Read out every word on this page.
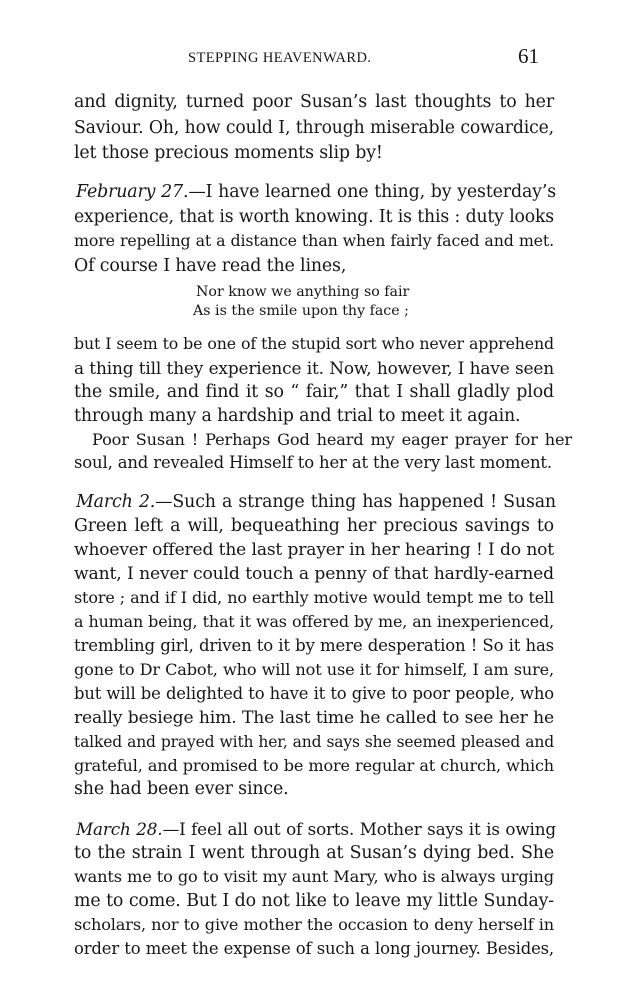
STEPPING HEAVENWARD.	61
and dignity, turned poor Susan’s last thoughts to her
Saviour. Oh, how could I, through miserable cowardice,
let those precious moments slip by!
February 27.—I have learned one thing, by yesterday’s
experience, that is worth knowing. It is this : duty looks
more repelling at a distance than when fairly faced and met.
Of course I have read the lines,
Nor know we anything so fair
As is the smile upon thy face ;
but I seem to be one of the stupid sort who never apprehend
a thing till they experience it. Now, however, I have seen
the smile, and find it so “ fair,” that I shall gladly plod
through many a hardship and trial to meet it again.
Poor Susan ! Perhaps God heard my eager prayer for her
soul, and revealed Himself to her at the very last moment.
March 2.—Such a strange thing has happened ! Susan
Green left a will, bequeathing her precious savings to
whoever offered the last prayer in her hearing ! I do not
want, I never could touch a penny of that hardly-earned
store ; and if I did, no earthly motive would tempt me to tell
a human being, that it was offered by me, an inexperienced,
trembling girl, driven to it by mere desperation ! So it has
gone to Dr Cabot, who will not use it for himself, I am sure,
but will be delighted to have it to give to poor people, who
really besiege him. The last time he called to see her he
talked and prayed with her, and says she seemed pleased and
grateful, and promised to be more regular at church, which
she had been ever since.
March 28.—I feel all out of sorts. Mother says it is owing
to the strain I went through at Susan’s dying bed. She
wants me to go to visit my aunt Mary, who is always urging
me to come. But I do not like to leave my little Sunday-
scholars, nor to give mother the occasion to deny herself in
order to meet the expense of such a long journey. Besides,
